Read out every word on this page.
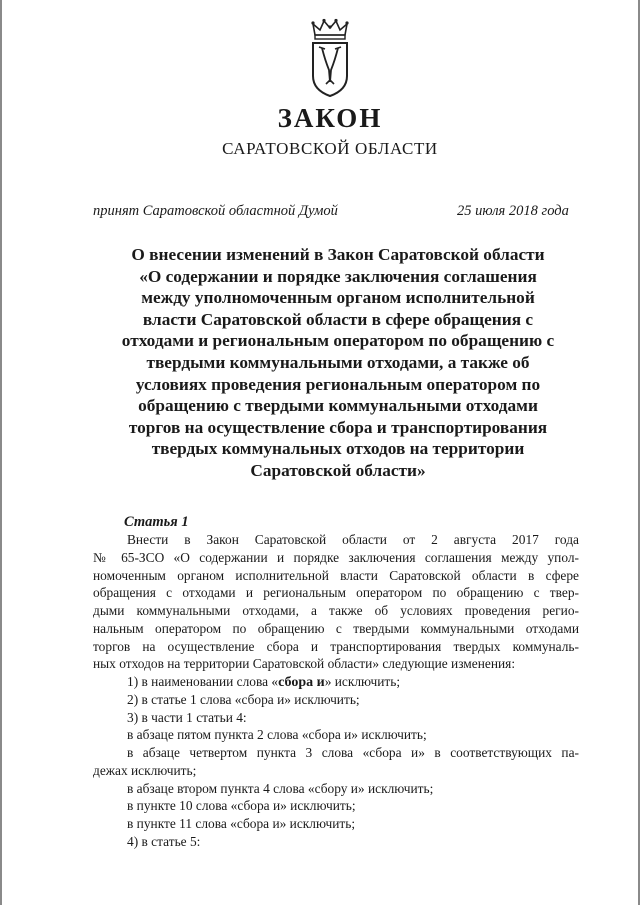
ЗАКОН
САРАТОВСКОЙ ОБЛАСТИ
принят Саратовской областной Думой	25 июля 2018 года
О внесении изменений в Закон Саратовской области
«О содержании и порядке заключения соглашения
между уполномоченным органом исполнительной
власти Саратовской области в сфере обращения с
отходами и региональным оператором по обращению с
твердыми коммунальными отходами, а также об
условиях проведения региональным оператором по
обращению с твердыми коммунальными отходами
торгов на осуществление сбора и транспортирования
твердых коммунальных отходов на территории
Саратовской области»
Статья 1
Внести в Закон Саратовской области от 2 августа 2017 года
№ 65-ЗСО «О содержании и порядке заключения соглашения между упол-
номоченным органом исполнительной власти Саратовской области в сфере
обращения с отходами и региональным оператором по обращению с твер-
дыми коммунальными отходами, а также об условиях проведения регио-
нальным оператором по обращению с твердыми коммунальными отходами
торгов на осуществление сбора и транспортирования твердых коммуналь-
ных отходов на территории Саратовской области» следующие изменения:
1) в наименовании слова «сбора и» исключить;
2) в статье 1 слова «сбора и» исключить;
3) в части 1 статьи 4:
в абзаце пятом пункта 2 слова «сбора и» исключить;
в абзаце четвертом пункта 3 слова «сбора и» в соответствующих па-
дежах исключить;
в абзаце втором пункта 4 слова «сбору и» исключить;
в пункте 10 слова «сбора и» исключить;
в пункте 11 слова «сбора и» исключить;
4) в статье 5:
